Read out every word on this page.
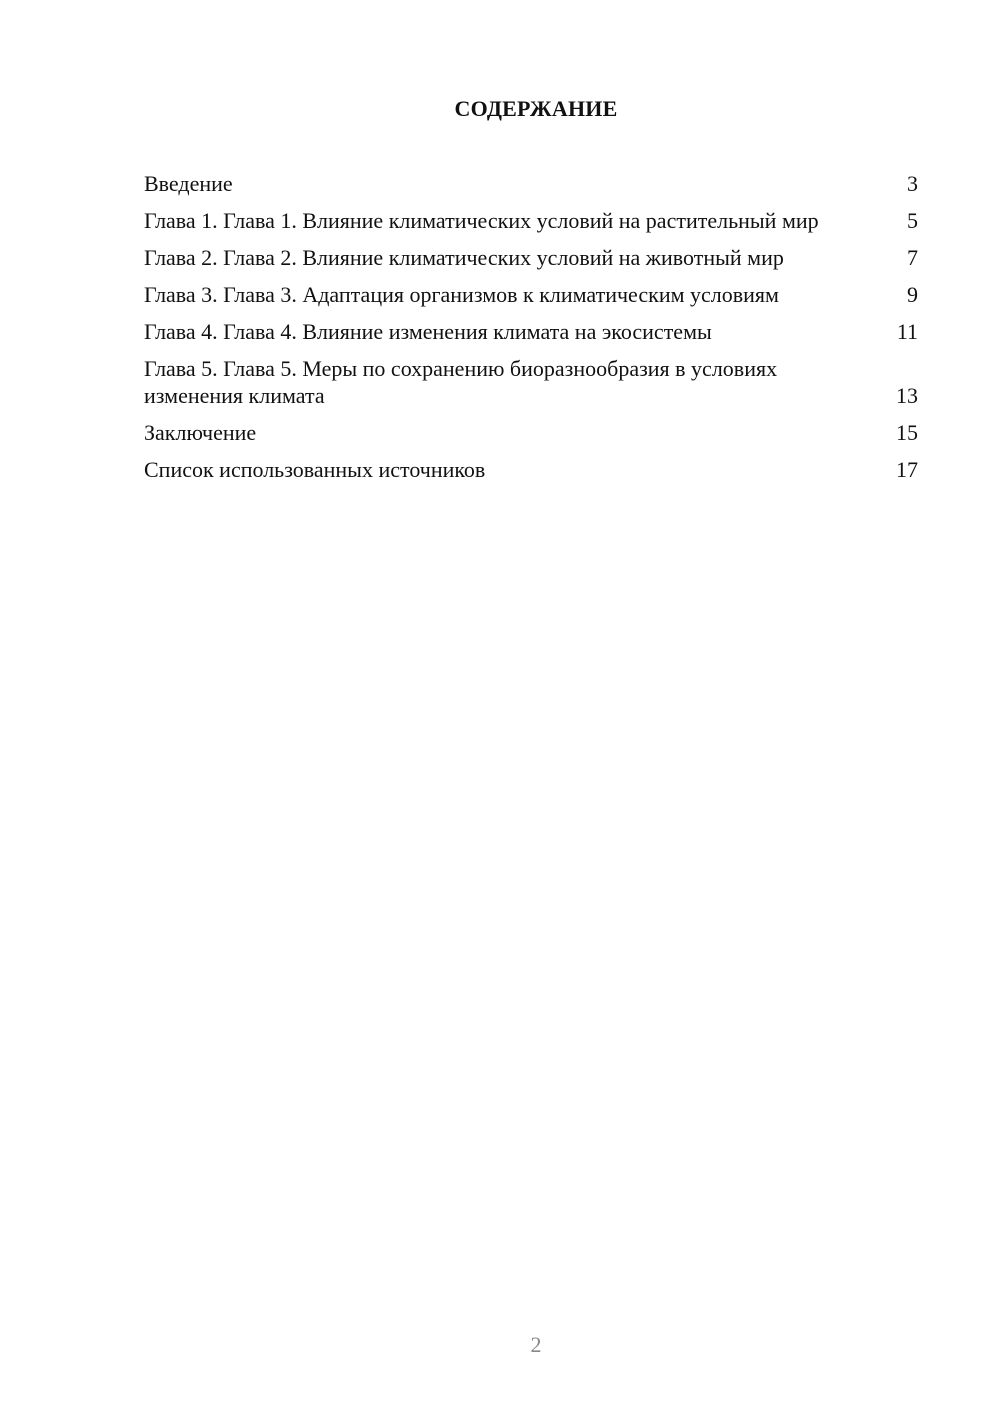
СОДЕРЖАНИЕ
Введение	3
Глава 1. Глава 1. Влияние климатических условий на растительный мир	5
Глава 2. Глава 2. Влияние климатических условий на животный мир	7
Глава 3. Глава 3. Адаптация организмов к климатическим условиям	9
Глава 4. Глава 4. Влияние изменения климата на экосистемы	11
Глава 5. Глава 5. Меры по сохранению биоразнообразия в условиях изменения климата	13
Заключение	15
Список использованных источников	17
2
